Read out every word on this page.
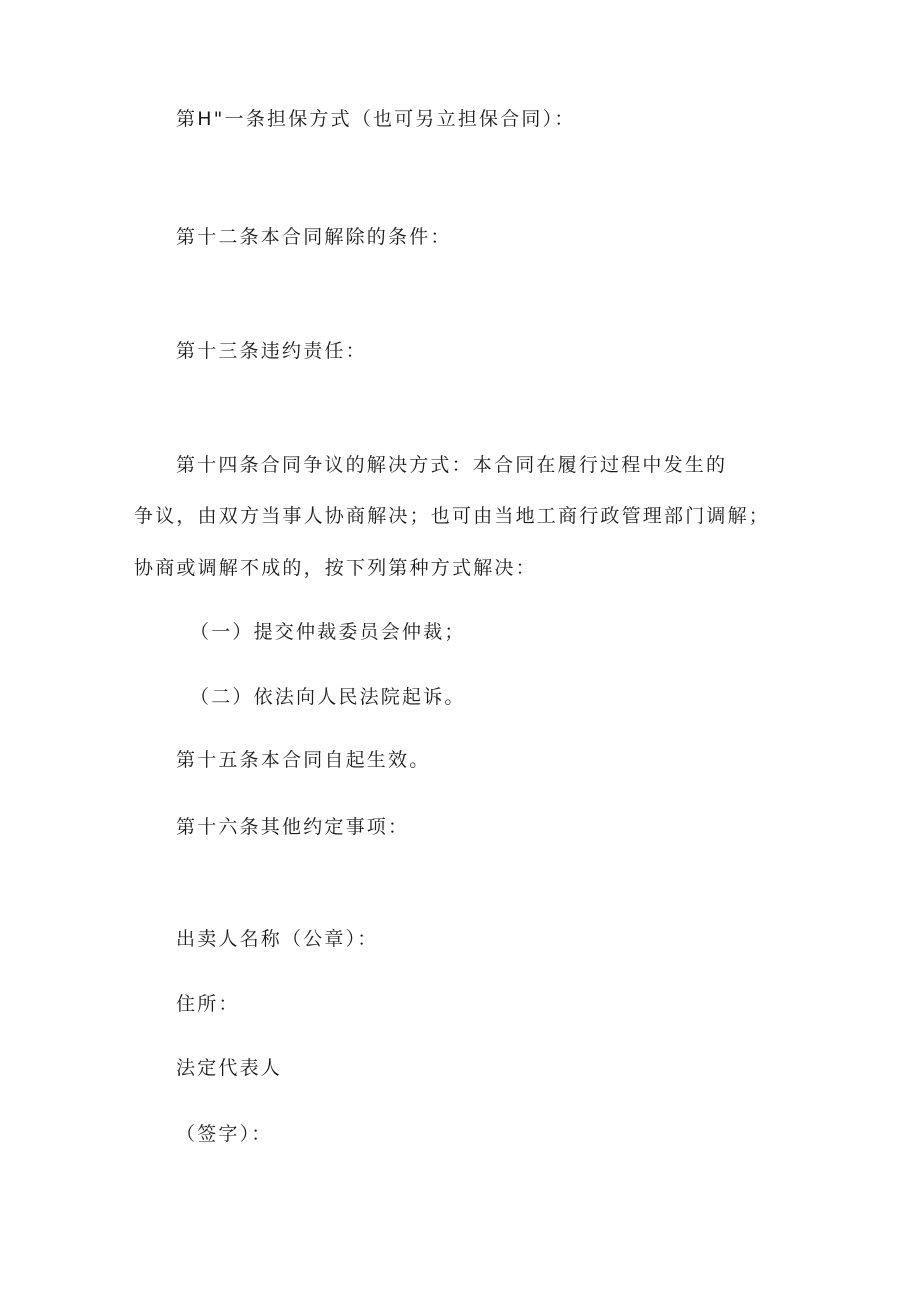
第H"一条担保方式（也可另立担保合同）：
第十二条本合同解除的条件：
第十三条违约责任：
第十四条合同争议的解决方式：本合同在履行过程中发生的
争议，由双方当事人协商解决；也可由当地工商行政管理部门调解；
协商或调解不成的，按下列第种方式解决：
（一）提交仲裁委员会仲裁；
（二）依法向人民法院起诉。
第十五条本合同自起生效。
第十六条其他约定事项：
出卖人名称（公章）：
住所：
法定代表人
（签字）：
